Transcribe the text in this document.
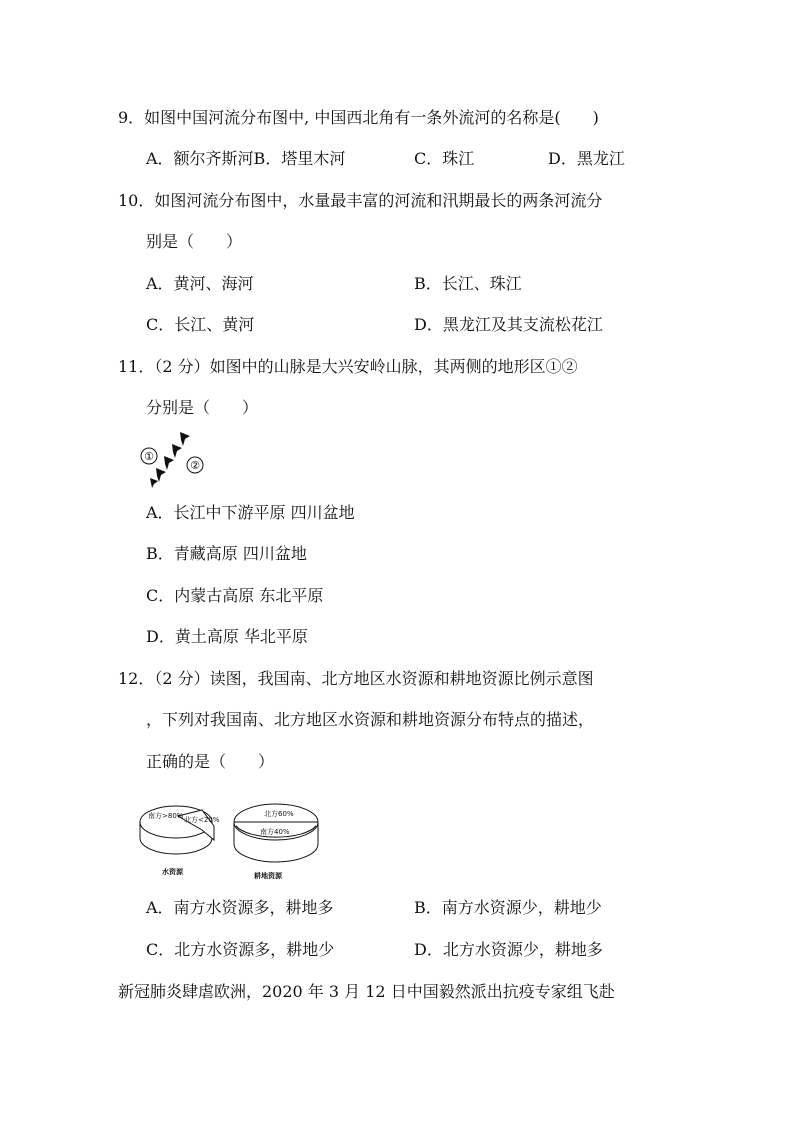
9．如图中国河流分布图中, 中国西北角有一条外流河的名称是(　　)
A．额尔齐斯河B．塔里木河	C．珠江	D．黑龙江
10．如图河流分布图中，水量最丰富的河流和汛期最长的两条河流分
别是（　　）
A．黄河、海河	B．长江、珠江
C．长江、黄河	D．黑龙江及其支流松花江
11．（2 分）如图中的山脉是大兴安岭山脉，其两侧的地形区①②
分别是（　　）
①
②
A．长江中下游平原 四川盆地
B．青藏高原 四川盆地
C．内蒙古高原 东北平原
D．黄土高原 华北平原
12．（2 分）读图，我国南、北方地区水资源和耕地资源比例示意图
，下列对我国南、北方地区水资源和耕地资源分布特点的描述，
正确的是（　　）
南方>80% 北方<20%
水资源
北方60%
南方40%
耕地资源
A．南方水资源多，耕地多	B．南方水资源少，耕地少
C．北方水资源多，耕地少	D．北方水资源少，耕地多
新冠肺炎肆虐欧洲，2020 年 3 月 12 日中国毅然派出抗疫专家组飞赴
